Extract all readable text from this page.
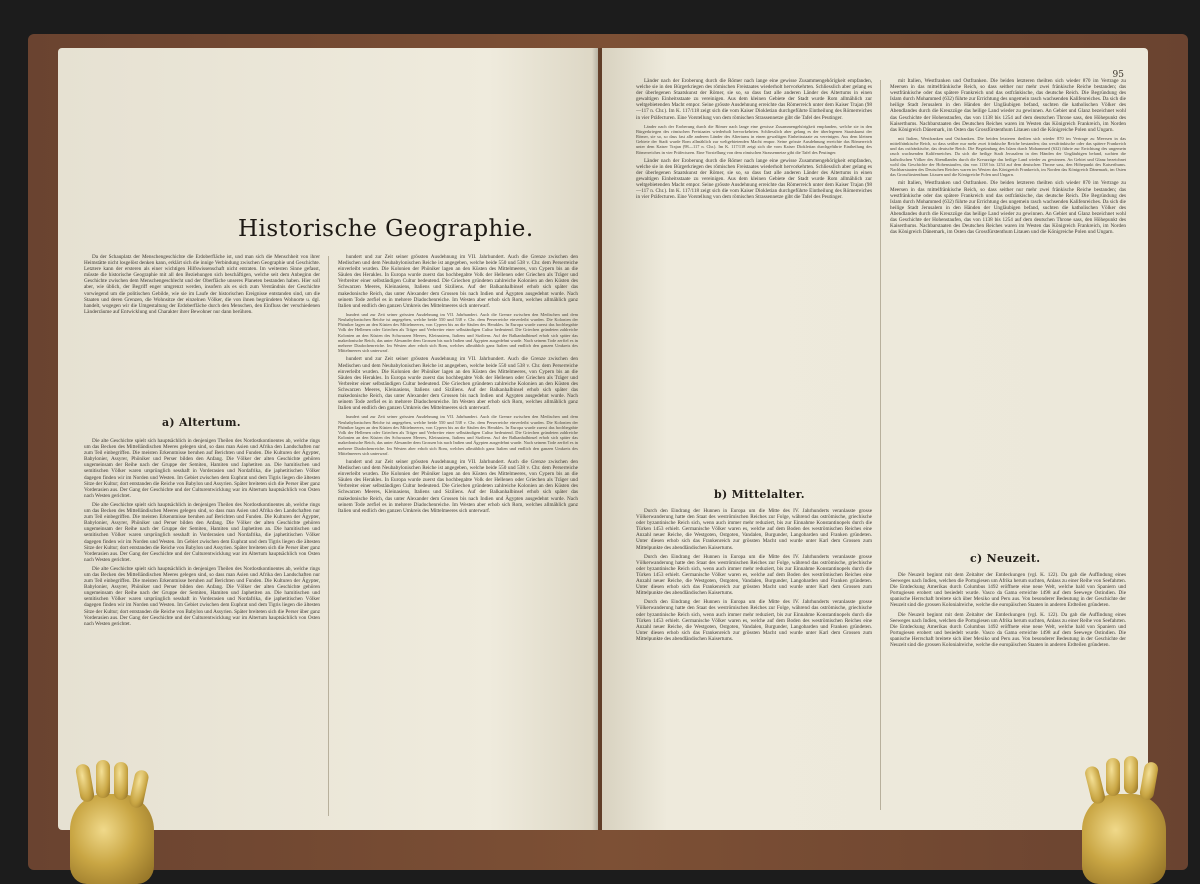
Historische Geographie.

Da der Schauplatz der Menschengeschichte die Erdoberfläche ist, und man sich die Menschheit von ihrer Heimstätte nicht losgelöst denken kann, erklärt sich die innige Verbindung zwischen Geographie und Geschichte. Letztere kann der ersteren als einer wichtigen Hilfswissenschaft nicht entraten. Im weitesten Sinne gefasst, müsste die historische Geographie mit all den Beziehungen sich beschäftigen, welche seit dem Anbeginn der Geschichte zwischen dem Menschengeschlecht und der Oberfläche unseres Planeten bestanden haben. Hier soll aber, wie üblich, der Begriff enger umgrenzt werden, insofern als es sich zum Verständnis der Geschichte vorwiegend um die politischen Gebilde, wie sie im Laufe der historischen Ereignisse entstanden sind, um die Staaten und deren Grenzen, die Wohnsitze der einzelnen Völker, die von ihnen begründeten Wohnorte u. dgl. handelt, wogegen wir die Umgestaltung der Erdoberfläche durch den Menschen, den Einfluss der verschiedenen Länderräume auf Entwicklung und Charakter ihrer Bewohner nur dann berühren.

a) Altertum.

Die alte Geschichte spielt sich hauptsächlich in denjenigen Theilen des Nordostkontinentes ab, welche rings um das Becken des Mittelländischen Meeres gelegen sind, so dass man Asien und Afrika den Landschaften nur zum Teil einbegriffen. Die meisten Erkenntnisse beruhen auf Berichten und Funden. Die Kulturen der Ägypter, Babylonier, Assyrer, Phöniker und Perser bilden den Anfang. Die Völker der alten Geschichte gehören ungemeinsam der Reihe nach der Gruppe der Semiten, Hamiten und Japhetiten an. Die hamitischen und semitischen Völker waren ursprünglich sesshaft in Vorderasien und Nordafrika, die japhetitischen Völker dagegen finden wir im Norden und Westen. Im Gebiet zwischen dem Euphrat und dem Tigris liegen die ältesten Sitze der Kultur; dort entstanden die Reiche von Babylon und Assyrien. Später breiteten sich die Perser über ganz Vorderasien aus. Der Gang der Geschichte und der Culturentwicklung war im Altertum hauptsächlich von Osten nach Westen gerichtet.

Die alte Geschichte spielt sich hauptsächlich in denjenigen Theilen des Nordostkontinentes ab, welche rings um das Becken des Mittelländischen Meeres gelegen sind, so dass man Asien und Afrika den Landschaften nur zum Teil einbegriffen. Die meisten Erkenntnisse beruhen auf Berichten und Funden. Die Kulturen der Ägypter, Babylonier, Assyrer, Phöniker und Perser bilden den Anfang. Die Völker der alten Geschichte gehören ungemeinsam der Reihe nach der Gruppe der Semiten, Hamiten und Japhetiten an. Die hamitischen und semitischen Völker waren ursprünglich sesshaft in Vorderasien und Nordafrika, die japhetitischen Völker dagegen finden wir im Norden und Westen. Im Gebiet zwischen dem Euphrat und dem Tigris liegen die ältesten Sitze der Kultur; dort entstanden die Reiche von Babylon und Assyrien. Später breiteten sich die Perser über ganz Vorderasien aus. Der Gang der Geschichte und der Culturentwicklung war im Altertum hauptsächlich von Osten nach Westen gerichtet.

Die alte Geschichte spielt sich hauptsächlich in denjenigen Theilen des Nordostkontinentes ab, welche rings um das Becken des Mittelländischen Meeres gelegen sind, so dass man Asien und Afrika den Landschaften nur zum Teil einbegriffen. Die meisten Erkenntnisse beruhen auf Berichten und Funden. Die Kulturen der Ägypter, Babylonier, Assyrer, Phöniker und Perser bilden den Anfang. Die Völker der alten Geschichte gehören ungemeinsam der Reihe nach der Gruppe der Semiten, Hamiten und Japhetiten an. Die hamitischen und semitischen Völker waren ursprünglich sesshaft in Vorderasien und Nordafrika, die japhetitischen Völker dagegen finden wir im Norden und Westen. Im Gebiet zwischen dem Euphrat und dem Tigris liegen die ältesten Sitze der Kultur; dort entstanden die Reiche von Babylon und Assyrien. Später breiteten sich die Perser über ganz Vorderasien aus. Der Gang der Geschichte und der Culturentwicklung war im Altertum hauptsächlich von Osten nach Westen gerichtet.

hundert und zur Zeit seiner grössten Ausdehnung im VII. Jahrhundert. Auch die Grenze zwischen den Medischen und dem Neubabylonischen Reiche ist angegeben, welche beide 550 und 538 v. Chr. dem Perserreiche einverleibt wurden. Die Kolonien der Phöniker lagen an den Küsten des Mittelmeeres, von Cypern bis an die Säulen des Herakles. In Europa wurde zuerst das hochbegabte Volk der Hellenen oder Griechen als Träger und Verbreiter einer selbständigen Cultur bedeutend. Die Griechen gründeten zahlreiche Kolonien an den Küsten des Schwarzen Meeres, Kleinasiens, Italiens und Siziliens. Auf der Balkanhalbinsel erhob sich später das makedonische Reich, das unter Alexander dem Grossen bis nach Indien und Ägypten ausgedehnt wurde. Nach seinem Tode zerfiel es in mehrere Diadochenreiche. Im Westen aber erhob sich Rom, welches allmählich ganz Italien und endlich den ganzen Umkreis des Mittelmeeres sich unterwarf.

hundert und zur Zeit seiner grössten Ausdehnung im VII. Jahrhundert. Auch die Grenze zwischen den Medischen und dem Neubabylonischen Reiche ist angegeben, welche beide 550 und 538 v. Chr. dem Perserreiche einverleibt wurden. Die Kolonien der Phöniker lagen an den Küsten des Mittelmeeres, von Cypern bis an die Säulen des Herakles. In Europa wurde zuerst das hochbegabte Volk der Hellenen oder Griechen als Träger und Verbreiter einer selbständigen Cultur bedeutend. Die Griechen gründeten zahlreiche Kolonien an den Küsten des Schwarzen Meeres, Kleinasiens, Italiens und Siziliens. Auf der Balkanhalbinsel erhob sich später das makedonische Reich, das unter Alexander dem Grossen bis nach Indien und Ägypten ausgedehnt wurde. Nach seinem Tode zerfiel es in mehrere Diadochenreiche. Im Westen aber erhob sich Rom, welches allmählich ganz Italien und endlich den ganzen Umkreis des Mittelmeeres sich unterwarf.

hundert und zur Zeit seiner grössten Ausdehnung im VII. Jahrhundert. Auch die Grenze zwischen den Medischen und dem Neubabylonischen Reiche ist angegeben, welche beide 550 und 538 v. Chr. dem Perserreiche einverleibt wurden. Die Kolonien der Phöniker lagen an den Küsten des Mittelmeeres, von Cypern bis an die Säulen des Herakles. In Europa wurde zuerst das hochbegabte Volk der Hellenen oder Griechen als Träger und Verbreiter einer selbständigen Cultur bedeutend. Die Griechen gründeten zahlreiche Kolonien an den Küsten des Schwarzen Meeres, Kleinasiens, Italiens und Siziliens. Auf der Balkanhalbinsel erhob sich später das makedonische Reich, das unter Alexander dem Grossen bis nach Indien und Ägypten ausgedehnt wurde. Nach seinem Tode zerfiel es in mehrere Diadochenreiche. Im Westen aber erhob sich Rom, welches allmählich ganz Italien und endlich den ganzen Umkreis des Mittelmeeres sich unterwarf.

hundert und zur Zeit seiner grössten Ausdehnung im VII. Jahrhundert. Auch die Grenze zwischen den Medischen und dem Neubabylonischen Reiche ist angegeben, welche beide 550 und 538 v. Chr. dem Perserreiche einverleibt wurden. Die Kolonien der Phöniker lagen an den Küsten des Mittelmeeres, von Cypern bis an die Säulen des Herakles. In Europa wurde zuerst das hochbegabte Volk der Hellenen oder Griechen als Träger und Verbreiter einer selbständigen Cultur bedeutend. Die Griechen gründeten zahlreiche Kolonien an den Küsten des Schwarzen Meeres, Kleinasiens, Italiens und Siziliens. Auf der Balkanhalbinsel erhob sich später das makedonische Reich, das unter Alexander dem Grossen bis nach Indien und Ägypten ausgedehnt wurde. Nach seinem Tode zerfiel es in mehrere Diadochenreiche. Im Westen aber erhob sich Rom, welches allmählich ganz Italien und endlich den ganzen Umkreis des Mittelmeeres sich unterwarf.

hundert und zur Zeit seiner grössten Ausdehnung im VII. Jahrhundert. Auch die Grenze zwischen den Medischen und dem Neubabylonischen Reiche ist angegeben, welche beide 550 und 538 v. Chr. dem Perserreiche einverleibt wurden. Die Kolonien der Phöniker lagen an den Küsten des Mittelmeeres, von Cypern bis an die Säulen des Herakles. In Europa wurde zuerst das hochbegabte Volk der Hellenen oder Griechen als Träger und Verbreiter einer selbständigen Cultur bedeutend. Die Griechen gründeten zahlreiche Kolonien an den Küsten des Schwarzen Meeres, Kleinasiens, Italiens und Siziliens. Auf der Balkanhalbinsel erhob sich später das makedonische Reich, das unter Alexander dem Grossen bis nach Indien und Ägypten ausgedehnt wurde. Nach seinem Tode zerfiel es in mehrere Diadochenreiche. Im Westen aber erhob sich Rom, welches allmählich ganz Italien und endlich den ganzen Umkreis des Mittelmeeres sich unterwarf.

95

Länder nach der Eroberung durch die Römer nach lange eine gewisse Zusammengehörigkeit empfanden, welche sie in den Bürgerkriegen des römischen Freistaates wiederholt hervorkehrten. Schliesslich aber gelang es der überlegenen Staatskunst der Römer, sie so, so dass fast alle anderen Länder des Altertums in einen gewaltigen Einheitsstaate zu vereinigen. Aus dem kleinen Gebiete der Stadt wurde Rom allmählich zur weltgebietenden Macht empor. Seine grösste Ausdehnung erreichte das Römerreich unter dem Kaiser Trajan (98—117 n. Chr.). Im K. 117/118 zeigt sich die vom Kaiser Diokletian durchgeführte Eintheilung des Römerreiches in vier Präfecturen. Eine Vorstellung von dem römischen Strassennetze gibt die Tafel des Peutinger.

Länder nach der Eroberung durch die Römer nach lange eine gewisse Zusammengehörigkeit empfanden, welche sie in den Bürgerkriegen des römischen Freistaates wiederholt hervorkehrten. Schliesslich aber gelang es der überlegenen Staatskunst der Römer, sie so, so dass fast alle anderen Länder des Altertums in einen gewaltigen Einheitsstaate zu vereinigen. Aus dem kleinen Gebiete der Stadt wurde Rom allmählich zur weltgebietenden Macht empor. Seine grösste Ausdehnung erreichte das Römerreich unter dem Kaiser Trajan (98—117 n. Chr.). Im K. 117/118 zeigt sich die vom Kaiser Diokletian durchgeführte Eintheilung des Römerreiches in vier Präfecturen. Eine Vorstellung von dem römischen Strassennetze gibt die Tafel des Peutinger.

Länder nach der Eroberung durch die Römer nach lange eine gewisse Zusammengehörigkeit empfanden, welche sie in den Bürgerkriegen des römischen Freistaates wiederholt hervorkehrten. Schliesslich aber gelang es der überlegenen Staatskunst der Römer, sie so, so dass fast alle anderen Länder des Altertums in einen gewaltigen Einheitsstaate zu vereinigen. Aus dem kleinen Gebiete der Stadt wurde Rom allmählich zur weltgebietenden Macht empor. Seine grösste Ausdehnung erreichte das Römerreich unter dem Kaiser Trajan (98—117 n. Chr.). Im K. 117/118 zeigt sich die vom Kaiser Diokletian durchgeführte Eintheilung des Römerreiches in vier Präfecturen. Eine Vorstellung von dem römischen Strassennetze gibt die Tafel des Peutinger.

b) Mittelalter.

Durch den Eindrang der Hunnen in Europa um die Mitte des IV. Jahrhunderts veranlasste grosse Völkerwanderung hatte den Staat des weströmischen Reiches zur Folge, während das oströmische, griechische oder byzantinische Reich sich, wenn auch immer mehr reduziert, bis zur Einnahme Konstantinopels durch die Türken 1453 erhielt. Germanische Völker waren es, welche auf dem Boden des weströmischen Reiches eine Anzahl neuer Reiche, die Westgoten, Ostgoten, Vandalen, Burgunder, Langobarden und Franken gründeten. Unter diesen erhob sich das Frankenreich zur grössten Macht und wurde unter Karl dem Grossen zum Mittelpunkte des abendländischen Kaisertums.

Durch den Eindrang der Hunnen in Europa um die Mitte des IV. Jahrhunderts veranlasste grosse Völkerwanderung hatte den Staat des weströmischen Reiches zur Folge, während das oströmische, griechische oder byzantinische Reich sich, wenn auch immer mehr reduziert, bis zur Einnahme Konstantinopels durch die Türken 1453 erhielt. Germanische Völker waren es, welche auf dem Boden des weströmischen Reiches eine Anzahl neuer Reiche, die Westgoten, Ostgoten, Vandalen, Burgunder, Langobarden und Franken gründeten. Unter diesen erhob sich das Frankenreich zur grössten Macht und wurde unter Karl dem Grossen zum Mittelpunkte des abendländischen Kaisertums.

Durch den Eindrang der Hunnen in Europa um die Mitte des IV. Jahrhunderts veranlasste grosse Völkerwanderung hatte den Staat des weströmischen Reiches zur Folge, während das oströmische, griechische oder byzantinische Reich sich, wenn auch immer mehr reduziert, bis zur Einnahme Konstantinopels durch die Türken 1453 erhielt. Germanische Völker waren es, welche auf dem Boden des weströmischen Reiches eine Anzahl neuer Reiche, die Westgoten, Ostgoten, Vandalen, Burgunder, Langobarden und Franken gründeten. Unter diesen erhob sich das Frankenreich zur grössten Macht und wurde unter Karl dem Grossen zum Mittelpunkte des abendländischen Kaisertums.

mit Italien, Westfranken und Ostfranken. Die beiden letzteren theilten sich wieder 870 im Vertrage zu Meersen in das mittelfränkische Reich, so dass seither nur mehr zwei fränkische Reiche bestanden; das westfränkische oder das spätere Frankreich und das ostfränkische, das deutsche Reich. Die Begründung des Islam durch Mohammed (632) führte zur Errichtung des ungemein rasch wachsenden Kalifenreiches. Da sich die heilige Stadt Jerusalem in den Händen der Ungläubigen befand, suchten die katholischen Völker des Abendlandes durch die Kreuzzüge das heilige Land wieder zu gewinnen. An Gebiet und Glanz bezeichnet wohl das Geschichte der Hohenstaufen, das von 1138 bis 1254 auf dem deutschen Throne sass, den Höhepunkt des Kaiserthums. Nachbarstaaten des Deutschen Reiches waren im Westen das Königreich Frankreich, im Norden das Königreich Dänemark, im Osten das Grossfürstenthum Litauen und die Königreiche Polen und Ungarn.

mit Italien, Westfranken und Ostfranken. Die beiden letzteren theilten sich wieder 870 im Vertrage zu Meersen in das mittelfränkische Reich, so dass seither nur mehr zwei fränkische Reiche bestanden; das westfränkische oder das spätere Frankreich und das ostfränkische, das deutsche Reich. Die Begründung des Islam durch Mohammed (632) führte zur Errichtung des ungemein rasch wachsenden Kalifenreiches. Da sich die heilige Stadt Jerusalem in den Händen der Ungläubigen befand, suchten die katholischen Völker des Abendlandes durch die Kreuzzüge das heilige Land wieder zu gewinnen. An Gebiet und Glanz bezeichnet wohl das Geschichte der Hohenstaufen, das von 1138 bis 1254 auf dem deutschen Throne sass, den Höhepunkt des Kaiserthums. Nachbarstaaten des Deutschen Reiches waren im Westen das Königreich Frankreich, im Norden das Königreich Dänemark, im Osten das Grossfürstenthum Litauen und die Königreiche Polen und Ungarn.

mit Italien, Westfranken und Ostfranken. Die beiden letzteren theilten sich wieder 870 im Vertrage zu Meersen in das mittelfränkische Reich, so dass seither nur mehr zwei fränkische Reiche bestanden; das westfränkische oder das spätere Frankreich und das ostfränkische, das deutsche Reich. Die Begründung des Islam durch Mohammed (632) führte zur Errichtung des ungemein rasch wachsenden Kalifenreiches. Da sich die heilige Stadt Jerusalem in den Händen der Ungläubigen befand, suchten die katholischen Völker des Abendlandes durch die Kreuzzüge das heilige Land wieder zu gewinnen. An Gebiet und Glanz bezeichnet wohl das Geschichte der Hohenstaufen, das von 1138 bis 1254 auf dem deutschen Throne sass, den Höhepunkt des Kaiserthums. Nachbarstaaten des Deutschen Reiches waren im Westen das Königreich Frankreich, im Norden das Königreich Dänemark, im Osten das Grossfürstenthum Litauen und die Königreiche Polen und Ungarn.

c) Neuzeit.

Die Neuzeit beginnt mit dem Zeitalter der Entdeckungen (vgl. K. 122). Da gab die Auffindung eines Seeweges nach Indien, welchen die Portugiesen um Afrika herum suchten, Anlass zu einer Reihe von Seefahrten. Die Entdeckung Amerikas durch Columbus 1492 eröffnete eine neue Welt, welche bald von Spaniern und Portugiesen erobert und besiedelt wurde. Vasco da Gama erreichte 1498 auf dem Seewege Ostindien. Die spanische Herrschaft breitete sich über Mexiko und Peru aus. Von besonderer Bedeutung in der Geschichte der Neuzeit sind die grossen Kolonialreiche, welche die europäischen Staaten in anderen Erdteilen gründeten.

Die Neuzeit beginnt mit dem Zeitalter der Entdeckungen (vgl. K. 122). Da gab die Auffindung eines Seeweges nach Indien, welchen die Portugiesen um Afrika herum suchten, Anlass zu einer Reihe von Seefahrten. Die Entdeckung Amerikas durch Columbus 1492 eröffnete eine neue Welt, welche bald von Spaniern und Portugiesen erobert und besiedelt wurde. Vasco da Gama erreichte 1498 auf dem Seewege Ostindien. Die spanische Herrschaft breitete sich über Mexiko und Peru aus. Von besonderer Bedeutung in der Geschichte der Neuzeit sind die grossen Kolonialreiche, welche die europäischen Staaten in anderen Erdteilen gründeten.
